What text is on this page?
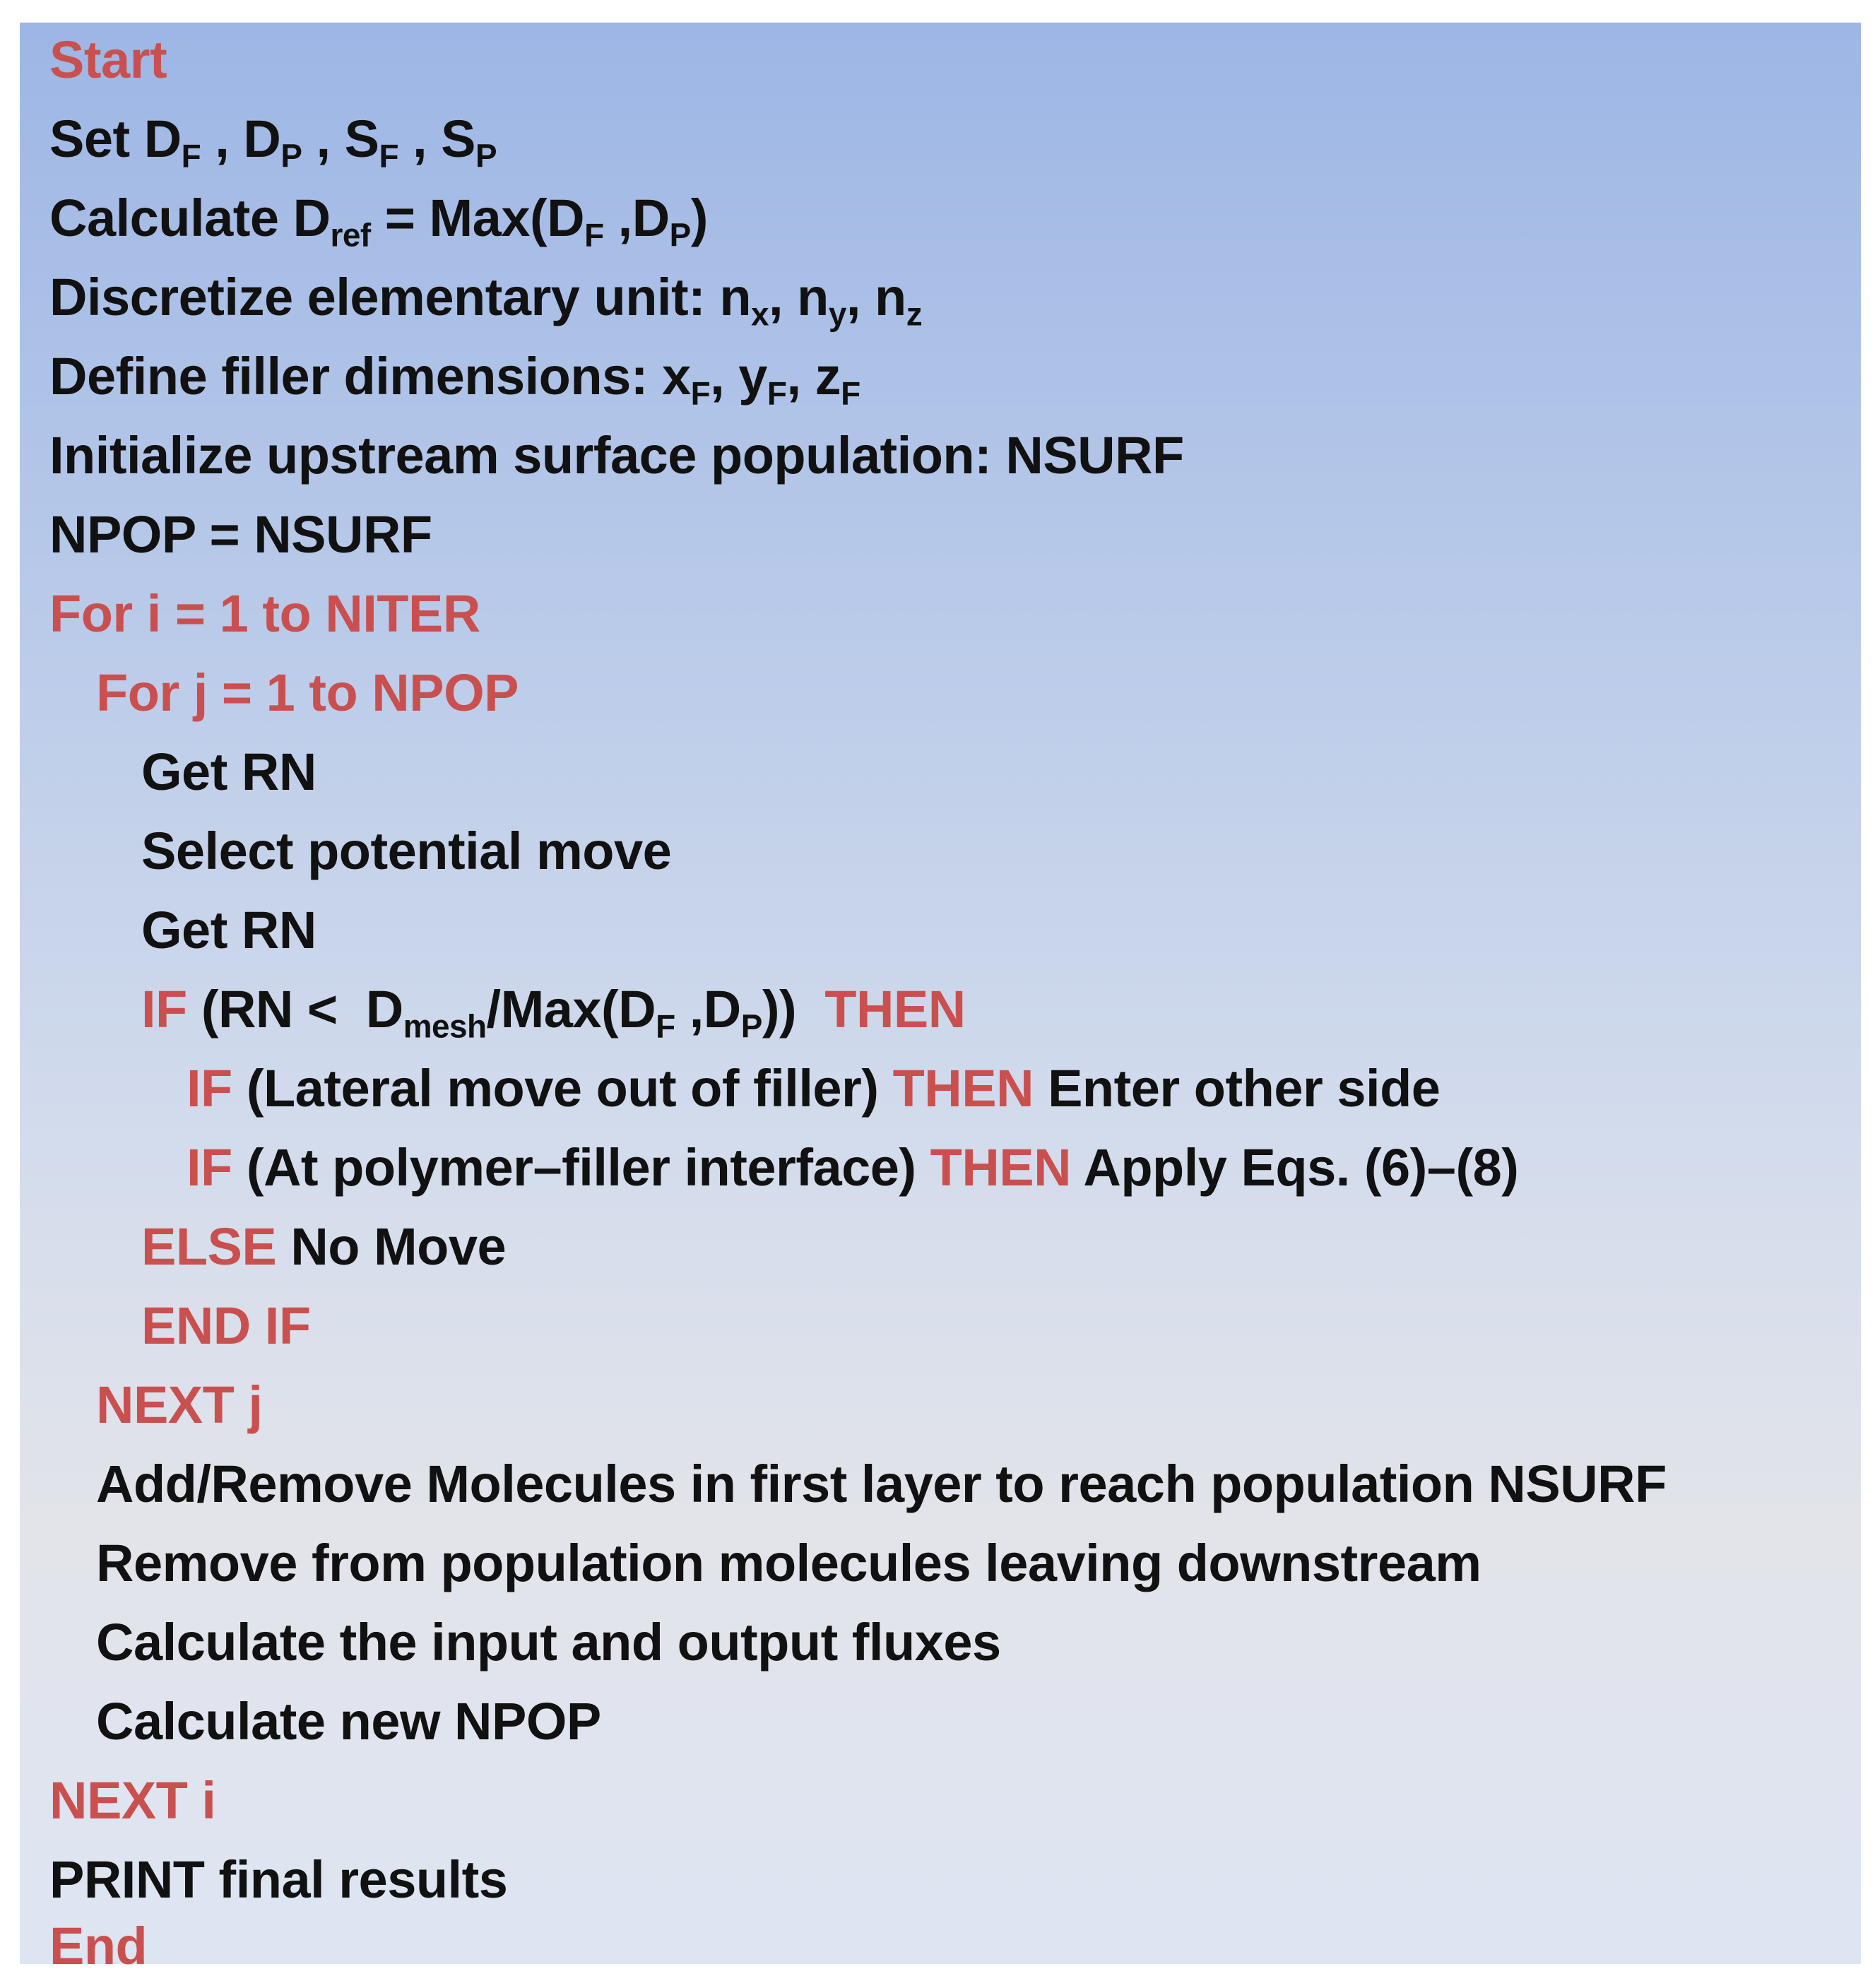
Start
Set $D_F$ , $D_P$ , $S_F$ , $S_P$
Calculate $D_{ref} = Max(D_F$ $,D_P$)
Discretize elementary unit: $n_x$, $n_y$, $n_z$
Define filler dimensions: $x_F$, $y_F$, $z_F$
Initialize upstream surface population: NSURF
NPOP = NSURF
For i = 1 to NITER
For j = 1 to NPOP
Get RN
Select potential move
Get RN
IF ($RN < D_{mesh}/Max(D_F$ $,D_P$))  THEN
IF (Lateral move out of filler) THEN Enter other side
IF (At polymer–filler interface) THEN Apply Eqs. (6)–(8)
ELSE No Move
END IF
NEXT j
Add/Remove Molecules in first layer to reach population NSURF
Remove from population molecules leaving downstream
Calculate the input and output fluxes
Calculate new NPOP
NEXT i
PRINT final results
End
